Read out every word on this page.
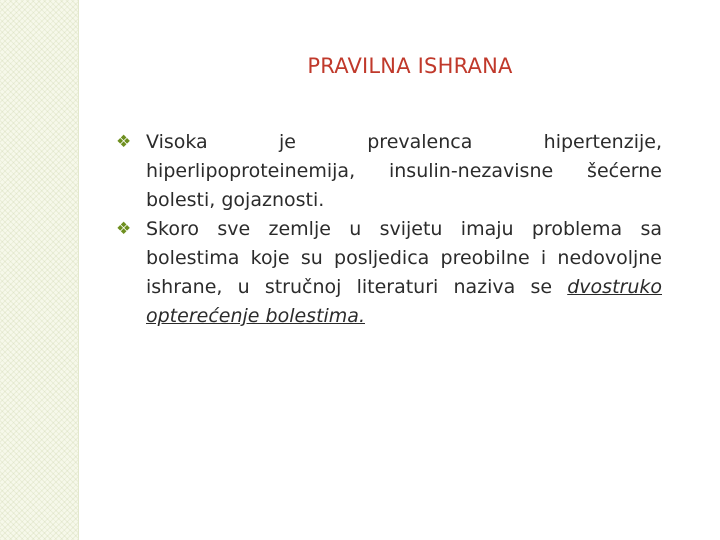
PRAVILNA ISHRANA
❖ Visoka je prevalenca hipertenzije, hiperlipoproteinemija, insulin-nezavisne šećerne bolesti, gojaznosti.
❖ Skoro sve zemlje u svijetu imaju problema sa bolestima koje su posljedica preobilne i nedovoljne ishrane, u stručnoj literaturi naziva se dvostruko opterećenje bolestima.
